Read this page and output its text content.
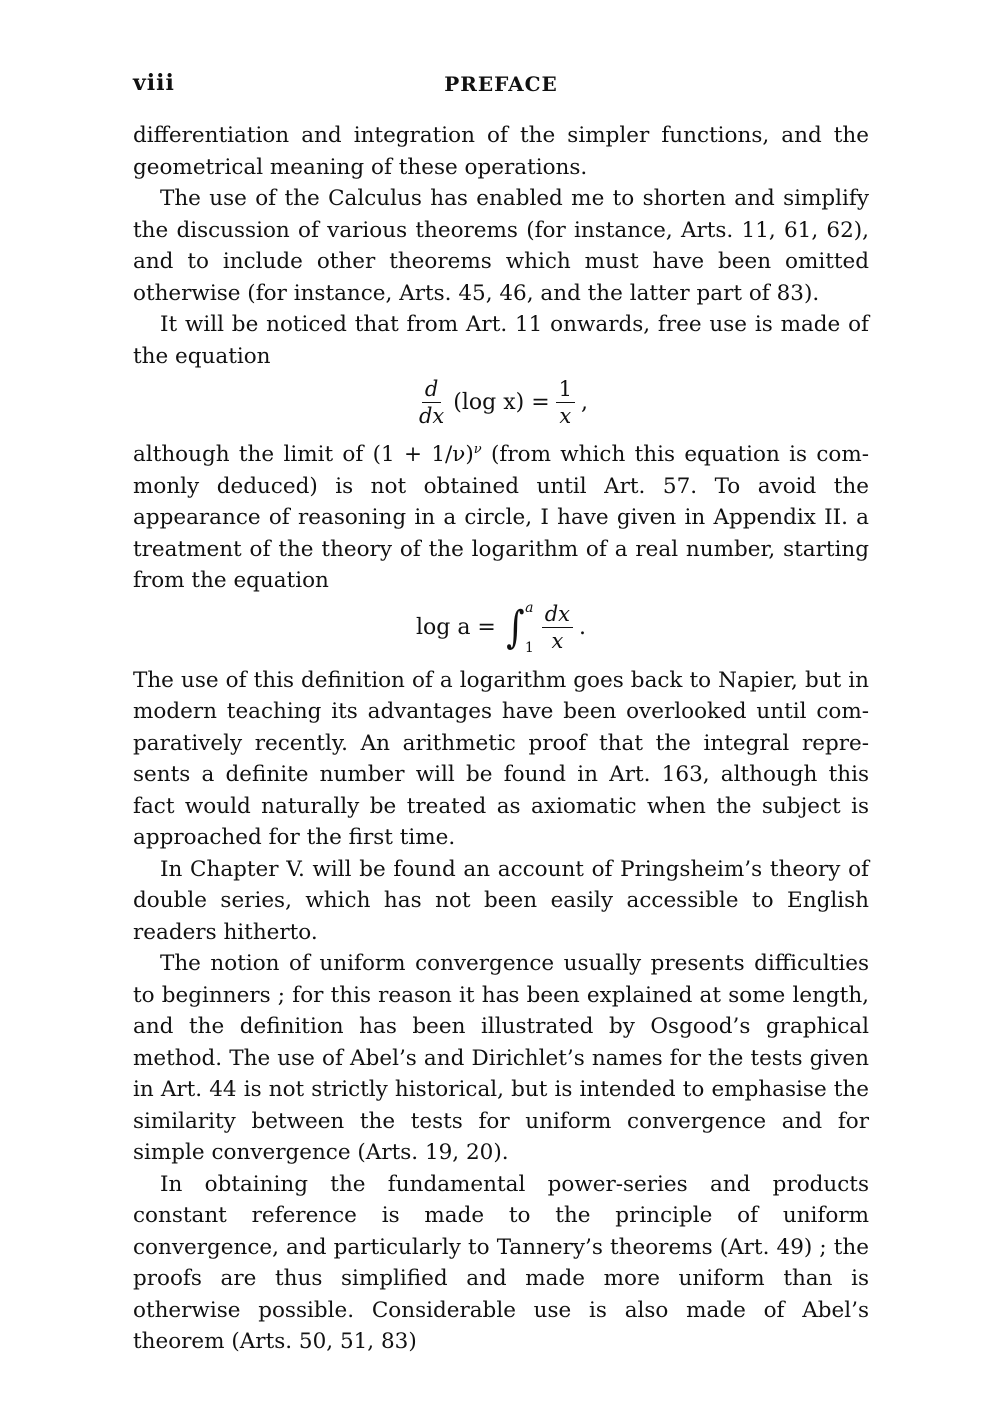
viii	PREFACE

differentiation and integration of the simpler functions, and the geometrical meaning of these operations.

The use of the Calculus has enabled me to shorten and simplify the discussion of various theorems (for instance, Arts. 11, 61, 62), and to include other theorems which must have been omitted otherwise (for instance, Arts. 45, 46, and the latter part of 83).

It will be noticed that from Art. 11 onwards, free use is made of the equation

$\frac{d}{dx} (\log$ $x) = \frac{1}{x}$ ,

although the limit of $(1 + 1/\nu)^\nu$ (from which this equation is commonly deduced) is not obtained until Art. 57. To avoid the appearance of reasoning in a circle, I have given in Appendix II. a treatment of the theory of the logarithm of a real number, starting from the equation

log a = ∫ a
$1 \frac{dx}{x}$ .

The use of this definition of a logarithm goes back to Napier, but in modern teaching its advantages have been overlooked until comparatively recently. An arithmetic proof that the integral represents a definite number will be found in Art. 163, although this fact would naturally be treated as axiomatic when the subject is approached for the first time.

In Chapter V. will be found an account of Pringsheim’s theory of double series, which has not been easily accessible to English readers hitherto.

The notion of uniform convergence usually presents difficulties to beginners ; for this reason it has been explained at some length, and the definition has been illustrated by Osgood’s graphical method. The use of Abel’s and Dirichlet’s names for the tests given in Art. 44 is not strictly historical, but is intended to emphasise the similarity between the tests for uniform convergence and for simple convergence (Arts. 19, 20).

In obtaining the fundamental power-series and products constant reference is made to the principle of uniform convergence, and particularly to Tannery’s theorems (Art. 49) ; the proofs are thus simplified and made more uniform than is otherwise possible. Considerable use is also made of Abel’s theorem (Arts. 50, 51, 83)
